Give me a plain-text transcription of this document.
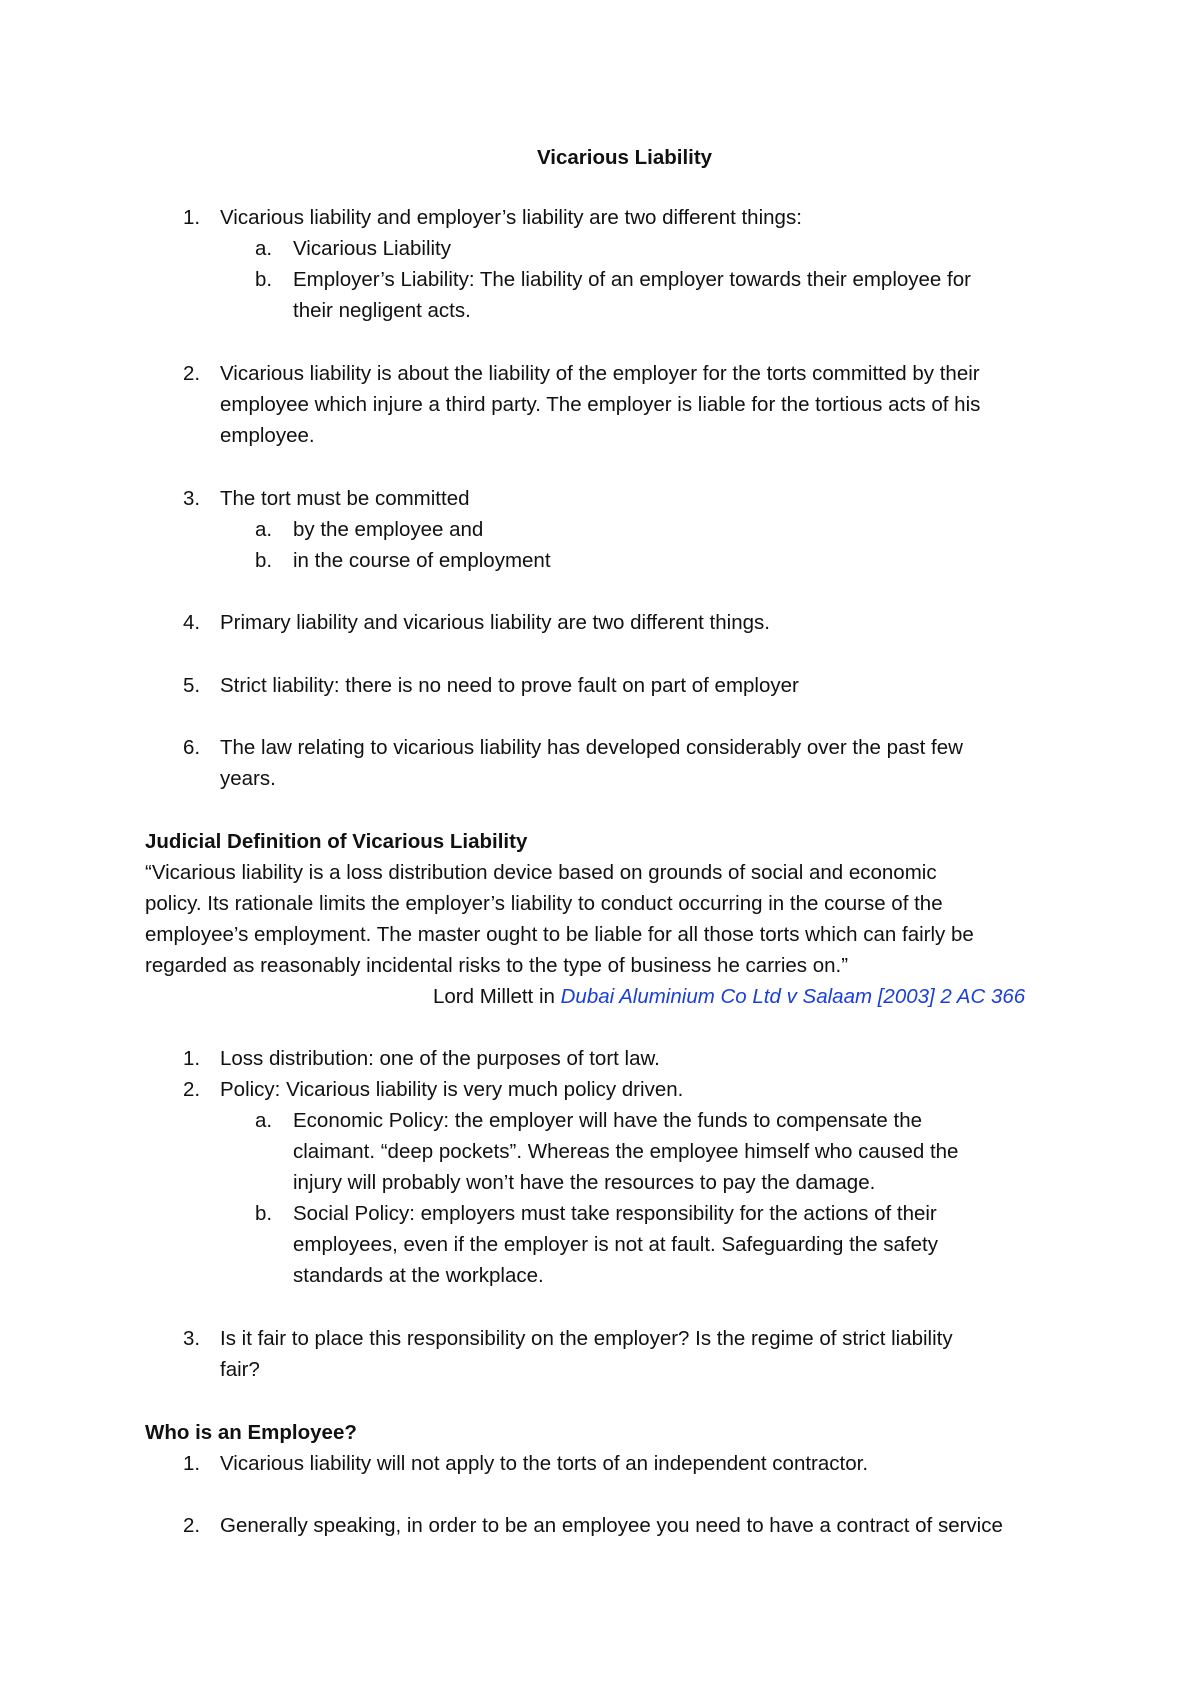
Vicarious Liability
1. Vicarious liability and employer’s liability are two different things:
a. Vicarious Liability
b. Employer’s Liability: The liability of an employer towards their employee for
their negligent acts.
2. Vicarious liability is about the liability of the employer for the torts committed by their
employee which injure a third party. The employer is liable for the tortious acts of his
employee.
3. The tort must be committed
a. by the employee and
b. in the course of employment
4. Primary liability and vicarious liability are two different things.
5. Strict liability: there is no need to prove fault on part of employer
6. The law relating to vicarious liability has developed considerably over the past few
years.
Judicial Definition of Vicarious Liability
“Vicarious liability is a loss distribution device based on grounds of social and economic
policy. Its rationale limits the employer’s liability to conduct occurring in the course of the
employee’s employment. The master ought to be liable for all those torts which can fairly be
regarded as reasonably incidental risks to the type of business he carries on.”
Lord Millett in Dubai Aluminium Co Ltd v Salaam [2003] 2 AC 366
1. Loss distribution: one of the purposes of tort law.
2. Policy: Vicarious liability is very much policy driven.
a. Economic Policy: the employer will have the funds to compensate the
claimant. “deep pockets”. Whereas the employee himself who caused the
injury will probably won’t have the resources to pay the damage.
b. Social Policy: employers must take responsibility for the actions of their
employees, even if the employer is not at fault. Safeguarding the safety
standards at the workplace.
3. Is it fair to place this responsibility on the employer? Is the regime of strict liability
fair?
Who is an Employee?
1. Vicarious liability will not apply to the torts of an independent contractor.
2. Generally speaking, in order to be an employee you need to have a contract of service
